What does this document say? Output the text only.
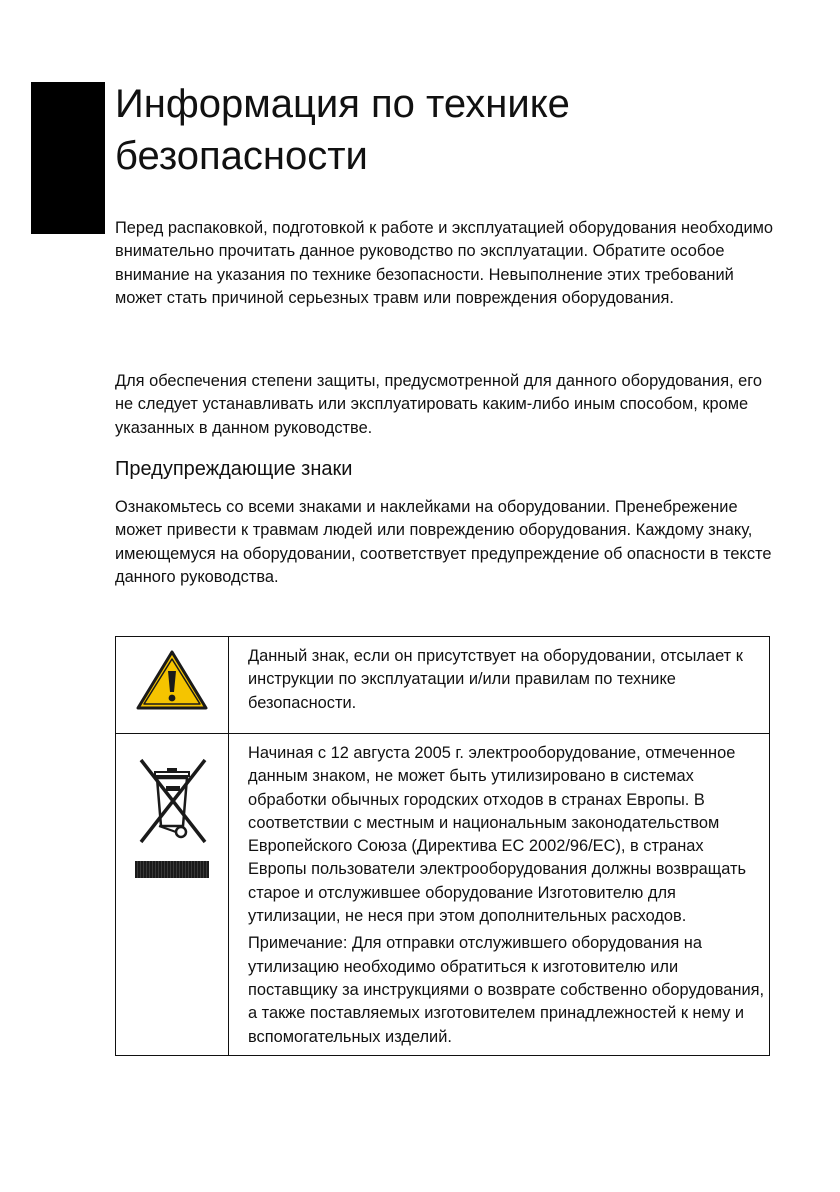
Информация по технике
безопасности

Перед распаковкой, подготовкой к работе и эксплуатацией оборудования необходимо внимательно прочитать данное руководство по эксплуатации. Обратите особое внимание на указания по технике безопасности. Невыполнение этих требований может стать причиной серьезных травм или повреждения оборудования.

Для обеспечения степени защиты, предусмотренной для данного оборудования, его не следует устанавливать или эксплуатировать каким-либо иным способом, кроме указанных в данном руководстве.

Предупреждающие знаки

Ознакомьтесь со всеми знаками и наклейками на оборудовании. Пренебрежение может привести к травмам людей или повреждению оборудования. Каждому знаку, имеющемуся на оборудовании, соответствует предупреждение об опасности в тексте данного руководства.

Данный знак, если он присутствует на оборудовании, отсылает к инструкции по эксплуатации и/или правилам по технике безопасности.

Начиная с 12 августа 2005 г. электрооборудование, отмеченное данным знаком, не может быть утилизировано в системах обработки обычных городских отходов в странах Европы. В соответствии с местным и национальным законодательством Европейского Союза (Директива ЕС 2002/96/ЕС), в странах Европы пользователи электрооборудования должны возвращать старое и отслужившее оборудование Изготовителю для утилизации, не неся при этом дополнительных расходов.

Примечание: Для отправки отслужившего оборудования на утилизацию необходимо обратиться к изготовителю или поставщику за инструкциями о возврате собственно оборудования, а также поставляемых изготовителем принадлежностей к нему и вспомогательных изделий.
